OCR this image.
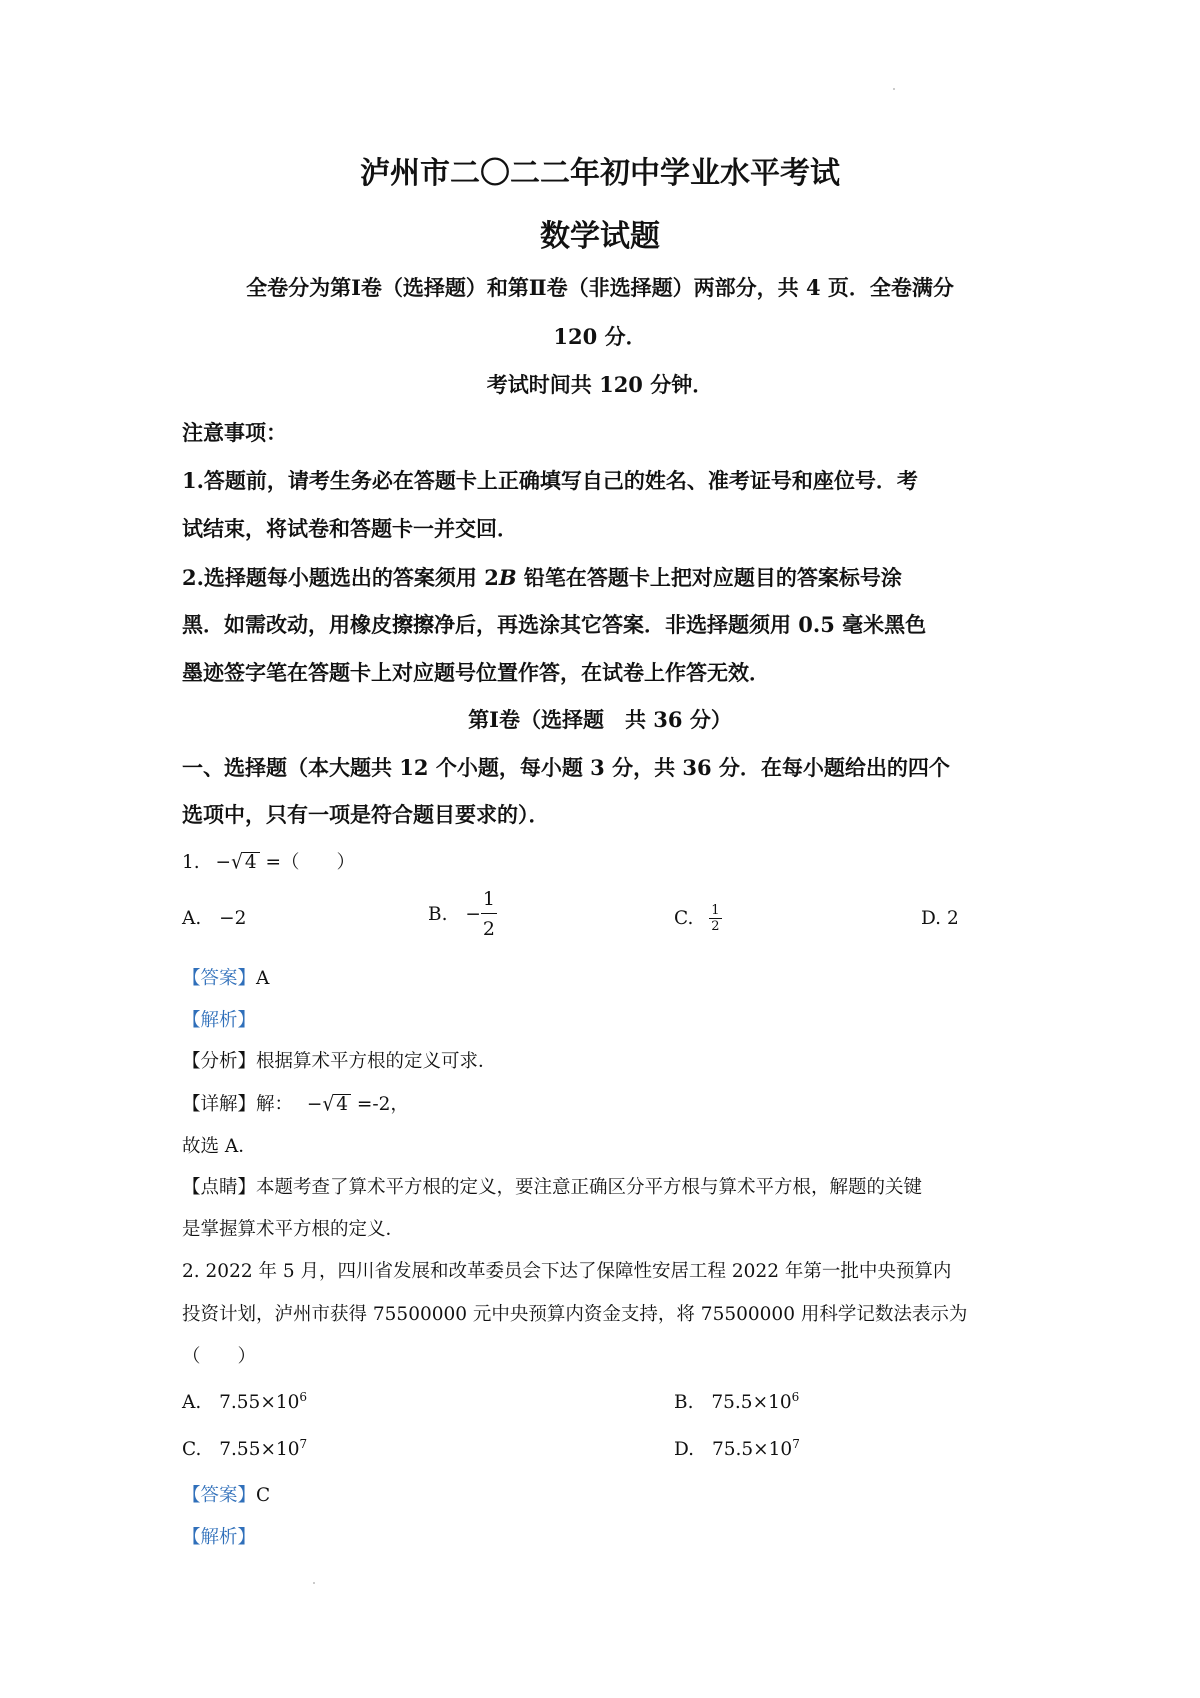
泸州市二〇二二年初中学业水平考试
数学试题
全卷分为第Ⅰ卷（选择题）和第Ⅱ卷（非选择题）两部分，共 4 页．全卷满分
120 分．
考试时间共 120 分钟．
注意事项：
1.答题前，请考生务必在答题卡上正确填写自己的姓名、准考证号和座位号．考
试结束，将试卷和答题卡一并交回．
2.选择题每小题选出的答案须用 2B 铅笔在答题卡上把对应题目的答案标号涂
黑．如需改动，用橡皮擦擦净后，再选涂其它答案．非选择题须用 0.5 毫米黑色
墨迹签字笔在答题卡上对应题号位置作答，在试卷上作答无效．
第Ⅰ卷（选择题　共 36 分）
一、选择题（本大题共 12 个小题，每小题 3 分，共 36 分．在每小题给出的四个
选项中，只有一项是符合题目要求的）．
1. −√ 4 =（　　）
A. −2	B. − $\frac{1}{2}$	C. $\frac{1}{2}$	D. 2
【答案】A
【解析】
【分析】根据算术平方根的定义可求．
【详解】解： −√ 4 =-2，
故选 A．
【点睛】本题考查了算术平方根的定义，要注意正确区分平方根与算术平方根，解题的关键
是掌握算术平方根的定义．
2. 2022 年 5 月，四川省发展和改革委员会下达了保障性安居工程 2022 年第一批中央预算内
投资计划，泸州市获得 75500000 元中央预算内资金支持，将 75500000 用科学记数法表示为
（　　）
A. $7.55\times 10^6$	B. $75.5\times 10^6$
C. $7.55\times 10^7$	D. $75.5\times 10^7$
【答案】C
【解析】
